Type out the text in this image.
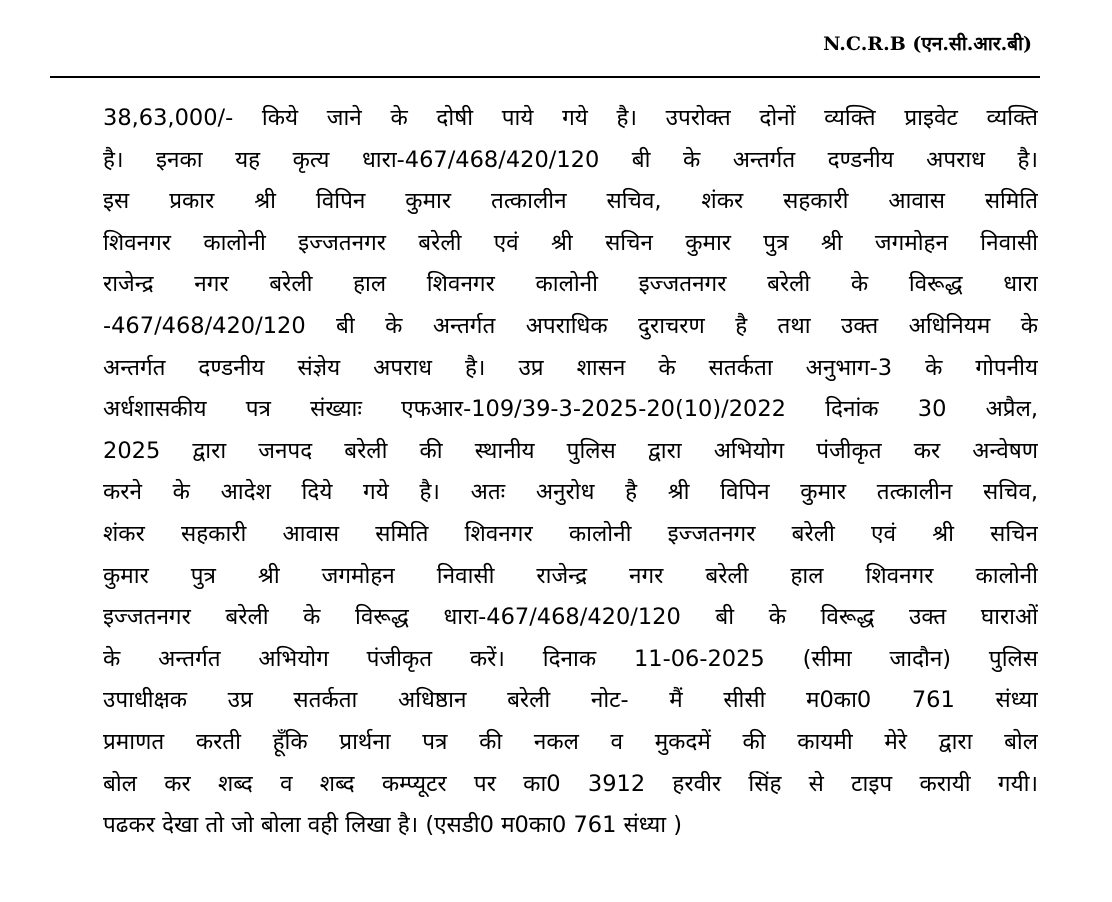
N.C.R.B (एन.सी.आर.बी)
38,63,000/- किये जाने के दोषी पाये गये है। उपरोक्त दोनों व्यक्ति प्राइवेट व्यक्ति
है। इनका यह कृत्य धारा-467/468/420/120 बी के अन्तर्गत दण्डनीय अपराध है।
इस प्रकार श्री विपिन कुमार तत्कालीन सचिव, शंकर सहकारी आवास समिति
शिवनगर कालोनी इज्जतनगर बरेली एवं श्री सचिन कुमार पुत्र श्री जगमोहन निवासी
राजेन्द्र नगर बरेली हाल शिवनगर कालोनी इज्जतनगर बरेली के विरूद्ध धारा
-467/468/420/120 बी के अन्तर्गत अपराधिक दुराचरण है तथा उक्त अधिनियम के
अन्तर्गत दण्डनीय संज्ञेय अपराध है। उप्र शासन के सतर्कता अनुभाग-3 के गोपनीय
अर्धशासकीय पत्र संख्याः एफआर-109/39-3-2025-20(10)/2022 दिनांक 30 अप्रैल,
2025 द्वारा जनपद बरेली की स्थानीय पुलिस द्वारा अभियोग पंजीकृत कर अन्वेषण
करने के आदेश दिये गये है। अतः अनुरोध है श्री विपिन कुमार तत्कालीन सचिव,
शंकर सहकारी आवास समिति शिवनगर कालोनी इज्जतनगर बरेली एवं श्री सचिन
कुमार पुत्र श्री जगमोहन निवासी राजेन्द्र नगर बरेली हाल शिवनगर कालोनी
इज्जतनगर बरेली के विरूद्ध धारा-467/468/420/120 बी के विरूद्ध उक्त घाराओं
के अन्तर्गत अभियोग पंजीकृत करें। दिनाक 11-06-2025 (सीमा जादौन) पुलिस
उपाधीक्षक उप्र सतर्कता अधिष्ठान बरेली नोट- मैं सीसी म0का0 761 संध्या
प्रमाणत करती हूँकि प्रार्थना पत्र की नकल व मुकदमें की कायमी मेरे द्वारा बोल
बोल कर शब्द व शब्द कम्प्यूटर पर का0 3912 हरवीर सिंह से टाइप करायी गयी।
पढकर देखा तो जो बोला वही लिखा है। (एसडी0 म0का0 761 संध्या )
